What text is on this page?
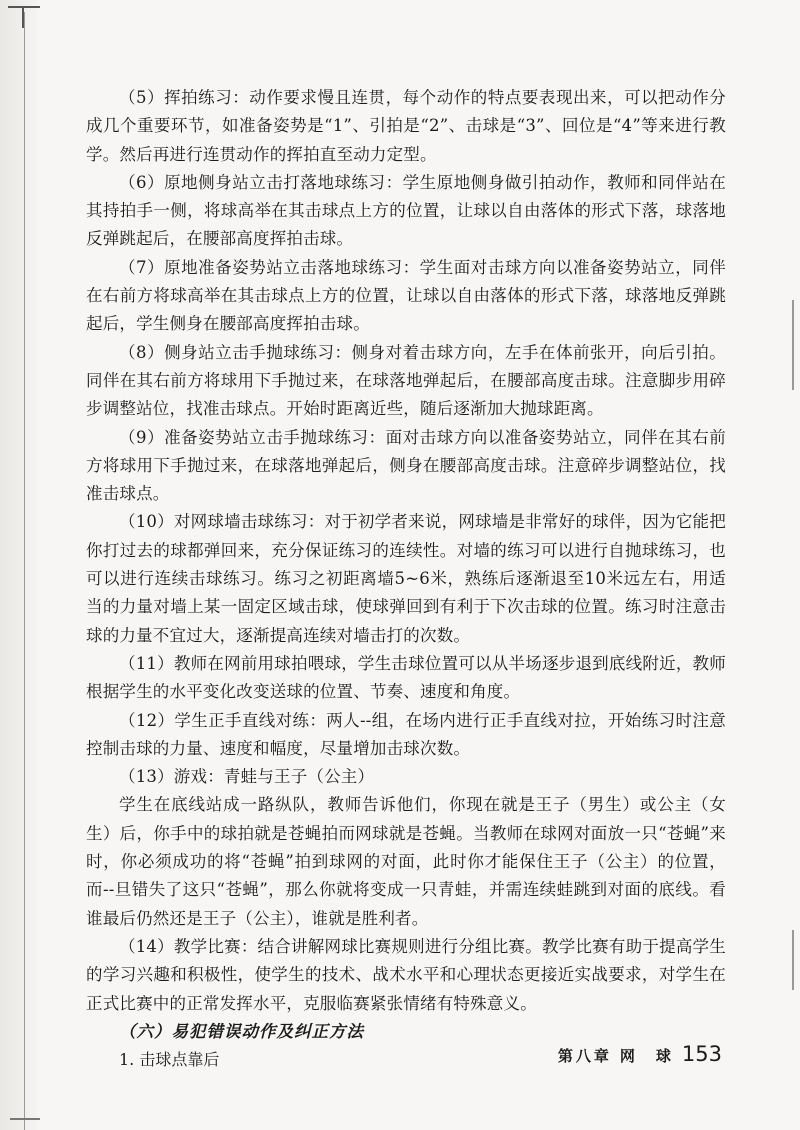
（5）挥拍练习：动作要求慢且连贯，每个动作的特点要表现出来，可以把动作分成几个重要环节，如准备姿势是“1”、引拍是“2”、击球是“3”、回位是“4”等来进行教学。然后再进行连贯动作的挥拍直至动力定型。

（6）原地侧身站立击打落地球练习：学生原地侧身做引拍动作，教师和同伴站在其持拍手一侧，将球高举在其击球点上方的位置，让球以自由落体的形式下落，球落地反弹跳起后，在腰部高度挥拍击球。

（7）原地准备姿势站立击落地球练习：学生面对击球方向以准备姿势站立，同伴在右前方将球高举在其击球点上方的位置，让球以自由落体的形式下落，球落地反弹跳起后，学生侧身在腰部高度挥拍击球。

（8）侧身站立击手抛球练习：侧身对着击球方向，左手在体前张开，向后引拍。同伴在其右前方将球用下手抛过来，在球落地弹起后，在腰部高度击球。注意脚步用碎步调整站位，找准击球点。开始时距离近些，随后逐渐加大抛球距离。

（9）准备姿势站立击手抛球练习：面对击球方向以准备姿势站立，同伴在其右前方将球用下手抛过来，在球落地弹起后，侧身在腰部高度击球。注意碎步调整站位，找准击球点。

（10）对网球墙击球练习：对于初学者来说，网球墙是非常好的球伴，因为它能把你打过去的球都弹回来，充分保证练习的连续性。对墙的练习可以进行自抛球练习，也可以进行连续击球练习。练习之初距离墙5~6米，熟练后逐渐退至10米远左右，用适当的力量对墙上某一固定区域击球，使球弹回到有利于下次击球的位置。练习时注意击球的力量不宜过大，逐渐提高连续对墙击打的次数。

（11）教师在网前用球拍喂球，学生击球位置可以从半场逐步退到底线附近，教师根据学生的水平变化改变送球的位置、节奏、速度和角度。

（12）学生正手直线对练：两人--组，在场内进行正手直线对拉，开始练习时注意控制击球的力量、速度和幅度，尽量增加击球次数。

（13）游戏：青蛙与王子（公主）

学生在底线站成一路纵队，教师告诉他们，你现在就是王子（男生）或公主（女生）后，你手中的球拍就是苍蝇拍而网球就是苍蝇。当教师在球网对面放一只“苍蝇”来时，你必须成功的将“苍蝇”拍到球网的对面，此时你才能保住王子（公主）的位置，而--旦错失了这只“苍蝇”，那么你就将变成一只青蛙，并需连续蛙跳到对面的底线。看谁最后仍然还是王子（公主），谁就是胜利者。

（14）教学比赛：结合讲解网球比赛规则进行分组比赛。教学比赛有助于提高学生的学习兴趣和积极性，使学生的技术、战术水平和心理状态更接近实战要求，对学生在正式比赛中的正常发挥水平，克服临赛紧张情绪有特殊意义。

（六）易犯错误动作及纠正方法
1. 击球点靠后	第八章 网　球 153
